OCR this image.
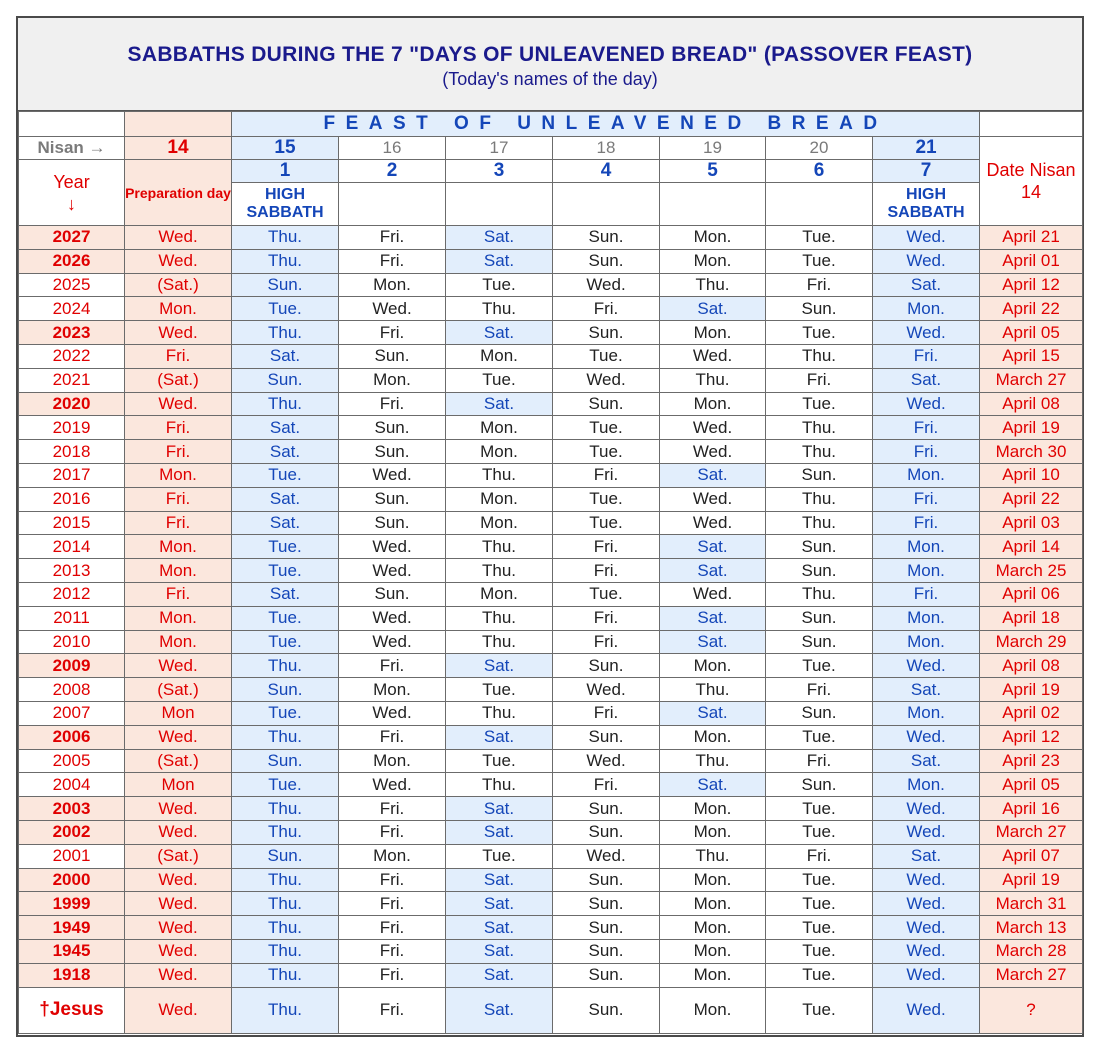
SABBATHS DURING THE 7 "DAYS OF UNLEAVENED BREAD" (PASSOVER FEAST)
(Today's names of the day)
		FEAST OF UNLEAVENED BREAD							
Nisan →	14	15	16	17	18	19	20	21	Date Nisan 14

Year
↓	Preparation day	1	2	3	4	5	6	7	
		HIGH SABBATH						HIGH SABBATH	
2027	Wed.	Thu.	Fri.	Sat.	Sun.	Mon.	Tue.	Wed.	April 21
2026	Wed.	Thu.	Fri.	Sat.	Sun.	Mon.	Tue.	Wed.	April 01
2025	(Sat.)	Sun.	Mon.	Tue.	Wed.	Thu.	Fri.	Sat.	April 12
2024	Mon.	Tue.	Wed.	Thu.	Fri.	Sat.	Sun.	Mon.	April 22
2023	Wed.	Thu.	Fri.	Sat.	Sun.	Mon.	Tue.	Wed.	April 05
2022	Fri.	Sat.	Sun.	Mon.	Tue.	Wed.	Thu.	Fri.	April 15
2021	(Sat.)	Sun.	Mon.	Tue.	Wed.	Thu.	Fri.	Sat.	March 27
2020	Wed.	Thu.	Fri.	Sat.	Sun.	Mon.	Tue.	Wed.	April 08
2019	Fri.	Sat.	Sun.	Mon.	Tue.	Wed.	Thu.	Fri.	April 19
2018	Fri.	Sat.	Sun.	Mon.	Tue.	Wed.	Thu.	Fri.	March 30
2017	Mon.	Tue.	Wed.	Thu.	Fri.	Sat.	Sun.	Mon.	April 10
2016	Fri.	Sat.	Sun.	Mon.	Tue.	Wed.	Thu.	Fri.	April 22
2015	Fri.	Sat.	Sun.	Mon.	Tue.	Wed.	Thu.	Fri.	April 03
2014	Mon.	Tue.	Wed.	Thu.	Fri.	Sat.	Sun.	Mon.	April 14
2013	Mon.	Tue.	Wed.	Thu.	Fri.	Sat.	Sun.	Mon.	March 25
2012	Fri.	Sat.	Sun.	Mon.	Tue.	Wed.	Thu.	Fri.	April 06
2011	Mon.	Tue.	Wed.	Thu.	Fri.	Sat.	Sun.	Mon.	April 18
2010	Mon.	Tue.	Wed.	Thu.	Fri.	Sat.	Sun.	Mon.	March 29
2009	Wed.	Thu.	Fri.	Sat.	Sun.	Mon.	Tue.	Wed.	April 08
2008	(Sat.)	Sun.	Mon.	Tue.	Wed.	Thu.	Fri.	Sat.	April 19
2007	Mon	Tue.	Wed.	Thu.	Fri.	Sat.	Sun.	Mon.	April 02
2006	Wed.	Thu.	Fri.	Sat.	Sun.	Mon.	Tue.	Wed.	April 12
2005	(Sat.)	Sun.	Mon.	Tue.	Wed.	Thu.	Fri.	Sat.	April 23
2004	Mon	Tue.	Wed.	Thu.	Fri.	Sat.	Sun.	Mon.	April 05
2003	Wed.	Thu.	Fri.	Sat.	Sun.	Mon.	Tue.	Wed.	April 16
2002	Wed.	Thu.	Fri.	Sat.	Sun.	Mon.	Tue.	Wed.	March 27
2001	(Sat.)	Sun.	Mon.	Tue.	Wed.	Thu.	Fri.	Sat.	April 07
2000	Wed.	Thu.	Fri.	Sat.	Sun.	Mon.	Tue.	Wed.	April 19
1999	Wed.	Thu.	Fri.	Sat.	Sun.	Mon.	Tue.	Wed.	March 31
1949	Wed.	Thu.	Fri.	Sat.	Sun.	Mon.	Tue.	Wed.	March 13
1945	Wed.	Thu.	Fri.	Sat.	Sun.	Mon.	Tue.	Wed.	March 28
1918	Wed.	Thu.	Fri.	Sat.	Sun.	Mon.	Tue.	Wed.	March 27
†Jesus	Wed.	Thu.	Fri.	Sat.	Sun.	Mon.	Tue.	Wed.	?
